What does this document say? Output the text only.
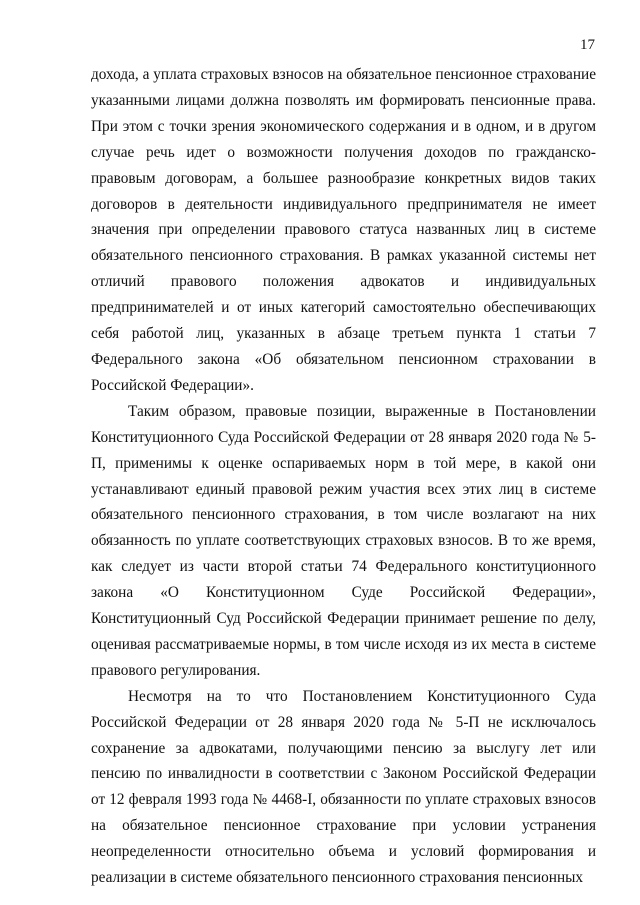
17

дохода, а уплата страховых взносов на обязательное пенсионное страхование указанными лицами должна позволять им формировать пенсионные права. При этом с точки зрения экономического содержания и в одном, и в другом случае речь идет о возможности получения доходов по гражданско-правовым договорам, а большее разнообразие конкретных видов таких договоров в деятельности индивидуального предпринимателя не имеет значения при определении правового статуса названных лиц в системе обязательного пенсионного страхования. В рамках указанной системы нет отличий правового положения адвокатов и индивидуальных предпринимателей и от иных категорий самостоятельно обеспечивающих себя работой лиц, указанных в абзаце третьем пункта 1 статьи 7 Федерального закона «Об обязательном пенсионном страховании в Российской Федерации».

Таким образом, правовые позиции, выраженные в Постановлении Конституционного Суда Российской Федерации от 28 января 2020 года № 5-П, применимы к оценке оспариваемых норм в той мере, в какой они устанавливают единый правовой режим участия всех этих лиц в системе обязательного пенсионного страхования, в том числе возлагают на них обязанность по уплате соответствующих страховых взносов. В то же время, как следует из части второй статьи 74 Федерального конституционного закона «О Конституционном Суде Российской Федерации», Конституционный Суд Российской Федерации принимает решение по делу, оценивая рассматриваемые нормы, в том числе исходя из их места в системе правового регулирования.

Несмотря на то что Постановлением Конституционного Суда Российской Федерации от 28 января 2020 года № 5-П не исключалось сохранение за адвокатами, получающими пенсию за выслугу лет или пенсию по инвалидности в соответствии с Законом Российской Федерации от 12 февраля 1993 года № 4468-I, обязанности по уплате страховых взносов на обязательное пенсионное страхование при условии устранения неопределенности относительно объема и условий формирования и реализации в системе обязательного пенсионного страхования пенсионных
